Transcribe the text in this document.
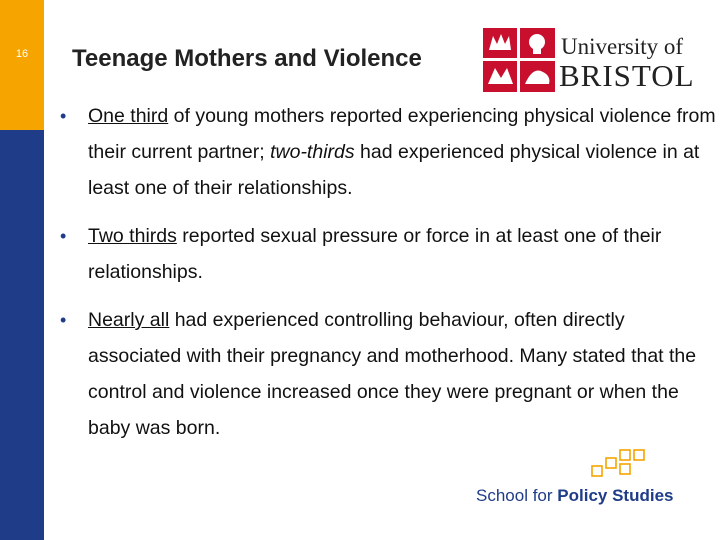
16	Teenage Mothers and Violence	University of
BRISTOL
• One third of young mothers reported experiencing physical violence from their current partner; two-thirds had experienced physical violence in at least one of their relationships.
• Two thirds reported sexual pressure or force in at least one of their relationships.
• Nearly all had experienced controlling behaviour, often directly associated with their pregnancy and motherhood. Many stated that the control and violence increased once they were pregnant or when the baby was born.
School for Policy Studies
